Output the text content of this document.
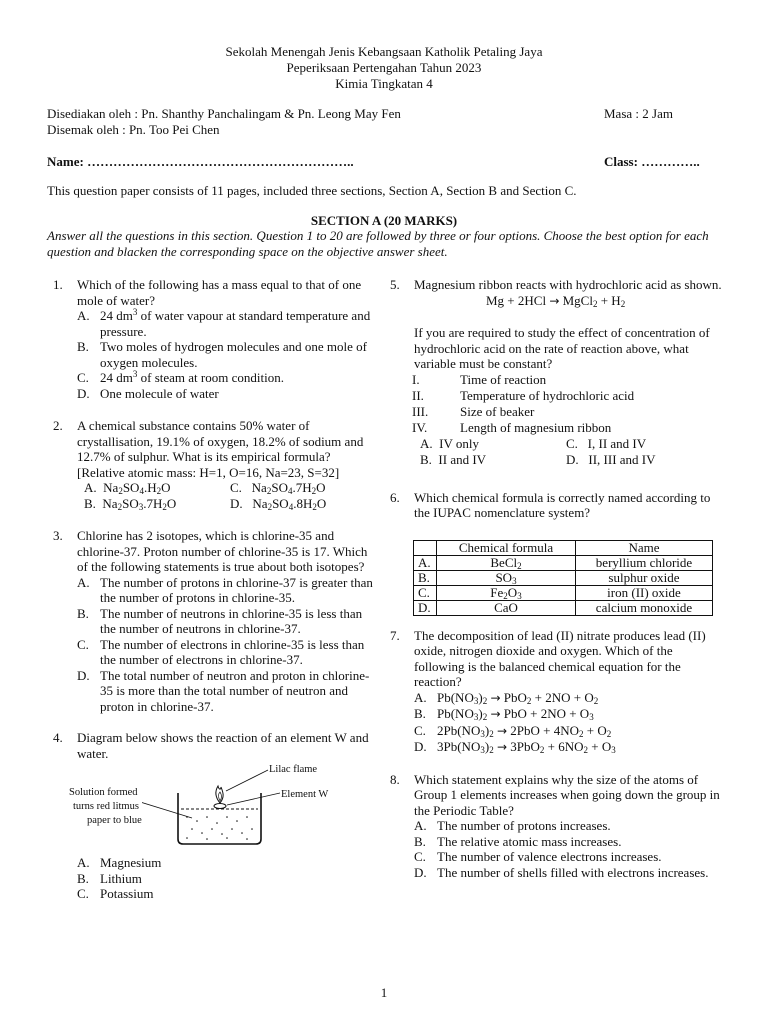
Sekolah Menengah Jenis Kebangsaan Katholik Petaling Jaya
Peperiksaan Pertengahan Tahun 2023
Kimia Tingkatan 4
Disediakan oleh : Pn. Shanthy Panchalingam & Pn. Leong May Fen	Masa : 2 Jam
Disemak oleh : Pn. Too Pei Chen
Name: ……………………………………………………..	Class: …………..
This question paper consists of 11 pages, included three sections, Section A, Section B and Section C.
SECTION A (20 MARKS)
Answer all the questions in this section. Question 1 to 20 are followed by three or four options. Choose the best option for each question and blacken the corresponding space on the objective answer sheet.
1. Which of the following has a mass equal to that of one mole of water?
A. 24 $dm^3$ of water vapour at standard temperature and pressure.
B. Two moles of hydrogen molecules and one mole of oxygen molecules.
C. 24 $dm^3$ of steam at room condition.
D. One molecule of water
2. A chemical substance contains 50% water of crystallisation, 19.1% of oxygen, 18.2% of sodium and 12.7% of sulphur. What is its empirical formula? [Relative atomic mass: H=1, O=16, Na=23, S=32]
A. $Na_2SO_4.H_2O$	C. $Na_2SO_4.7H_2O$
B. $Na_2SO_3.7H_2O$	D. $Na_2SO_4.8H_2O$
3. Chlorine has 2 isotopes, which is chlorine-35 and chlorine-37. Proton number of chlorine-35 is 17. Which of the following statements is true about both isotopes?
A. The number of protons in chlorine-37 is greater than the number of protons in chlorine-35.
B. The number of neutrons in chlorine-35 is less than the number of neutrons in chlorine-37.
C. The number of electrons in chlorine-35 is less than the number of electrons in chlorine-37.
D. The total number of neutron and proton in chlorine-35 is more than the total number of neutron and proton in chlorine-37.
4. Diagram below shows the reaction of an element W and water.
Lilac flame
Element W
Solution formed
turns red litmus
paper to blue
A. Magnesium
B. Lithium
C. Potassium
5. Magnesium ribbon reacts with hydrochloric acid as shown.
Mg + 2HCl → MgCl$_2$ + $H_2$
If you are required to study the effect of concentration of hydrochloric acid on the rate of reaction above, what variable must be constant?
I.	Time of reaction
II.	Temperature of hydrochloric acid
III. Size of beaker
IV.	Length of magnesium ribbon
A. IV only	C. I, II and IV
B. II and IV	D. II, III and IV
6. Which chemical formula is correctly named according to the IUPAC nomenclature system?
	Chemical formula	Name
A.	BeCl$_2$	beryllium chloride
B.	$SO_3$	sulphur oxide
C.	$Fe_2O_3$	iron (II) oxide
D.	CaO	calcium monoxide
7. The decomposition of lead (II) nitrate produces lead (II) oxide, nitrogen dioxide and oxygen. Which of the following is the balanced chemical equation for the reaction?
A. $Pb(NO_3)_2 \to PbO_2 + 2NO + O_2$
B. $Pb(NO_3)_2$ → PbO + $2NO + O_3$
C. $2Pb(NO_3)_2 \to 2PbO + 4NO_2 + O_2$
D. $3Pb(NO_3)_2 \to 3PbO_2 + 6NO_2 + O_3$
8. Which statement explains why the size of the atoms of Group 1 elements increases when going down the group in the Periodic Table?
A. The number of protons increases.
B. The relative atomic mass increases.
C. The number of valence electrons increases.
D. The number of shells filled with electrons increases.
1
